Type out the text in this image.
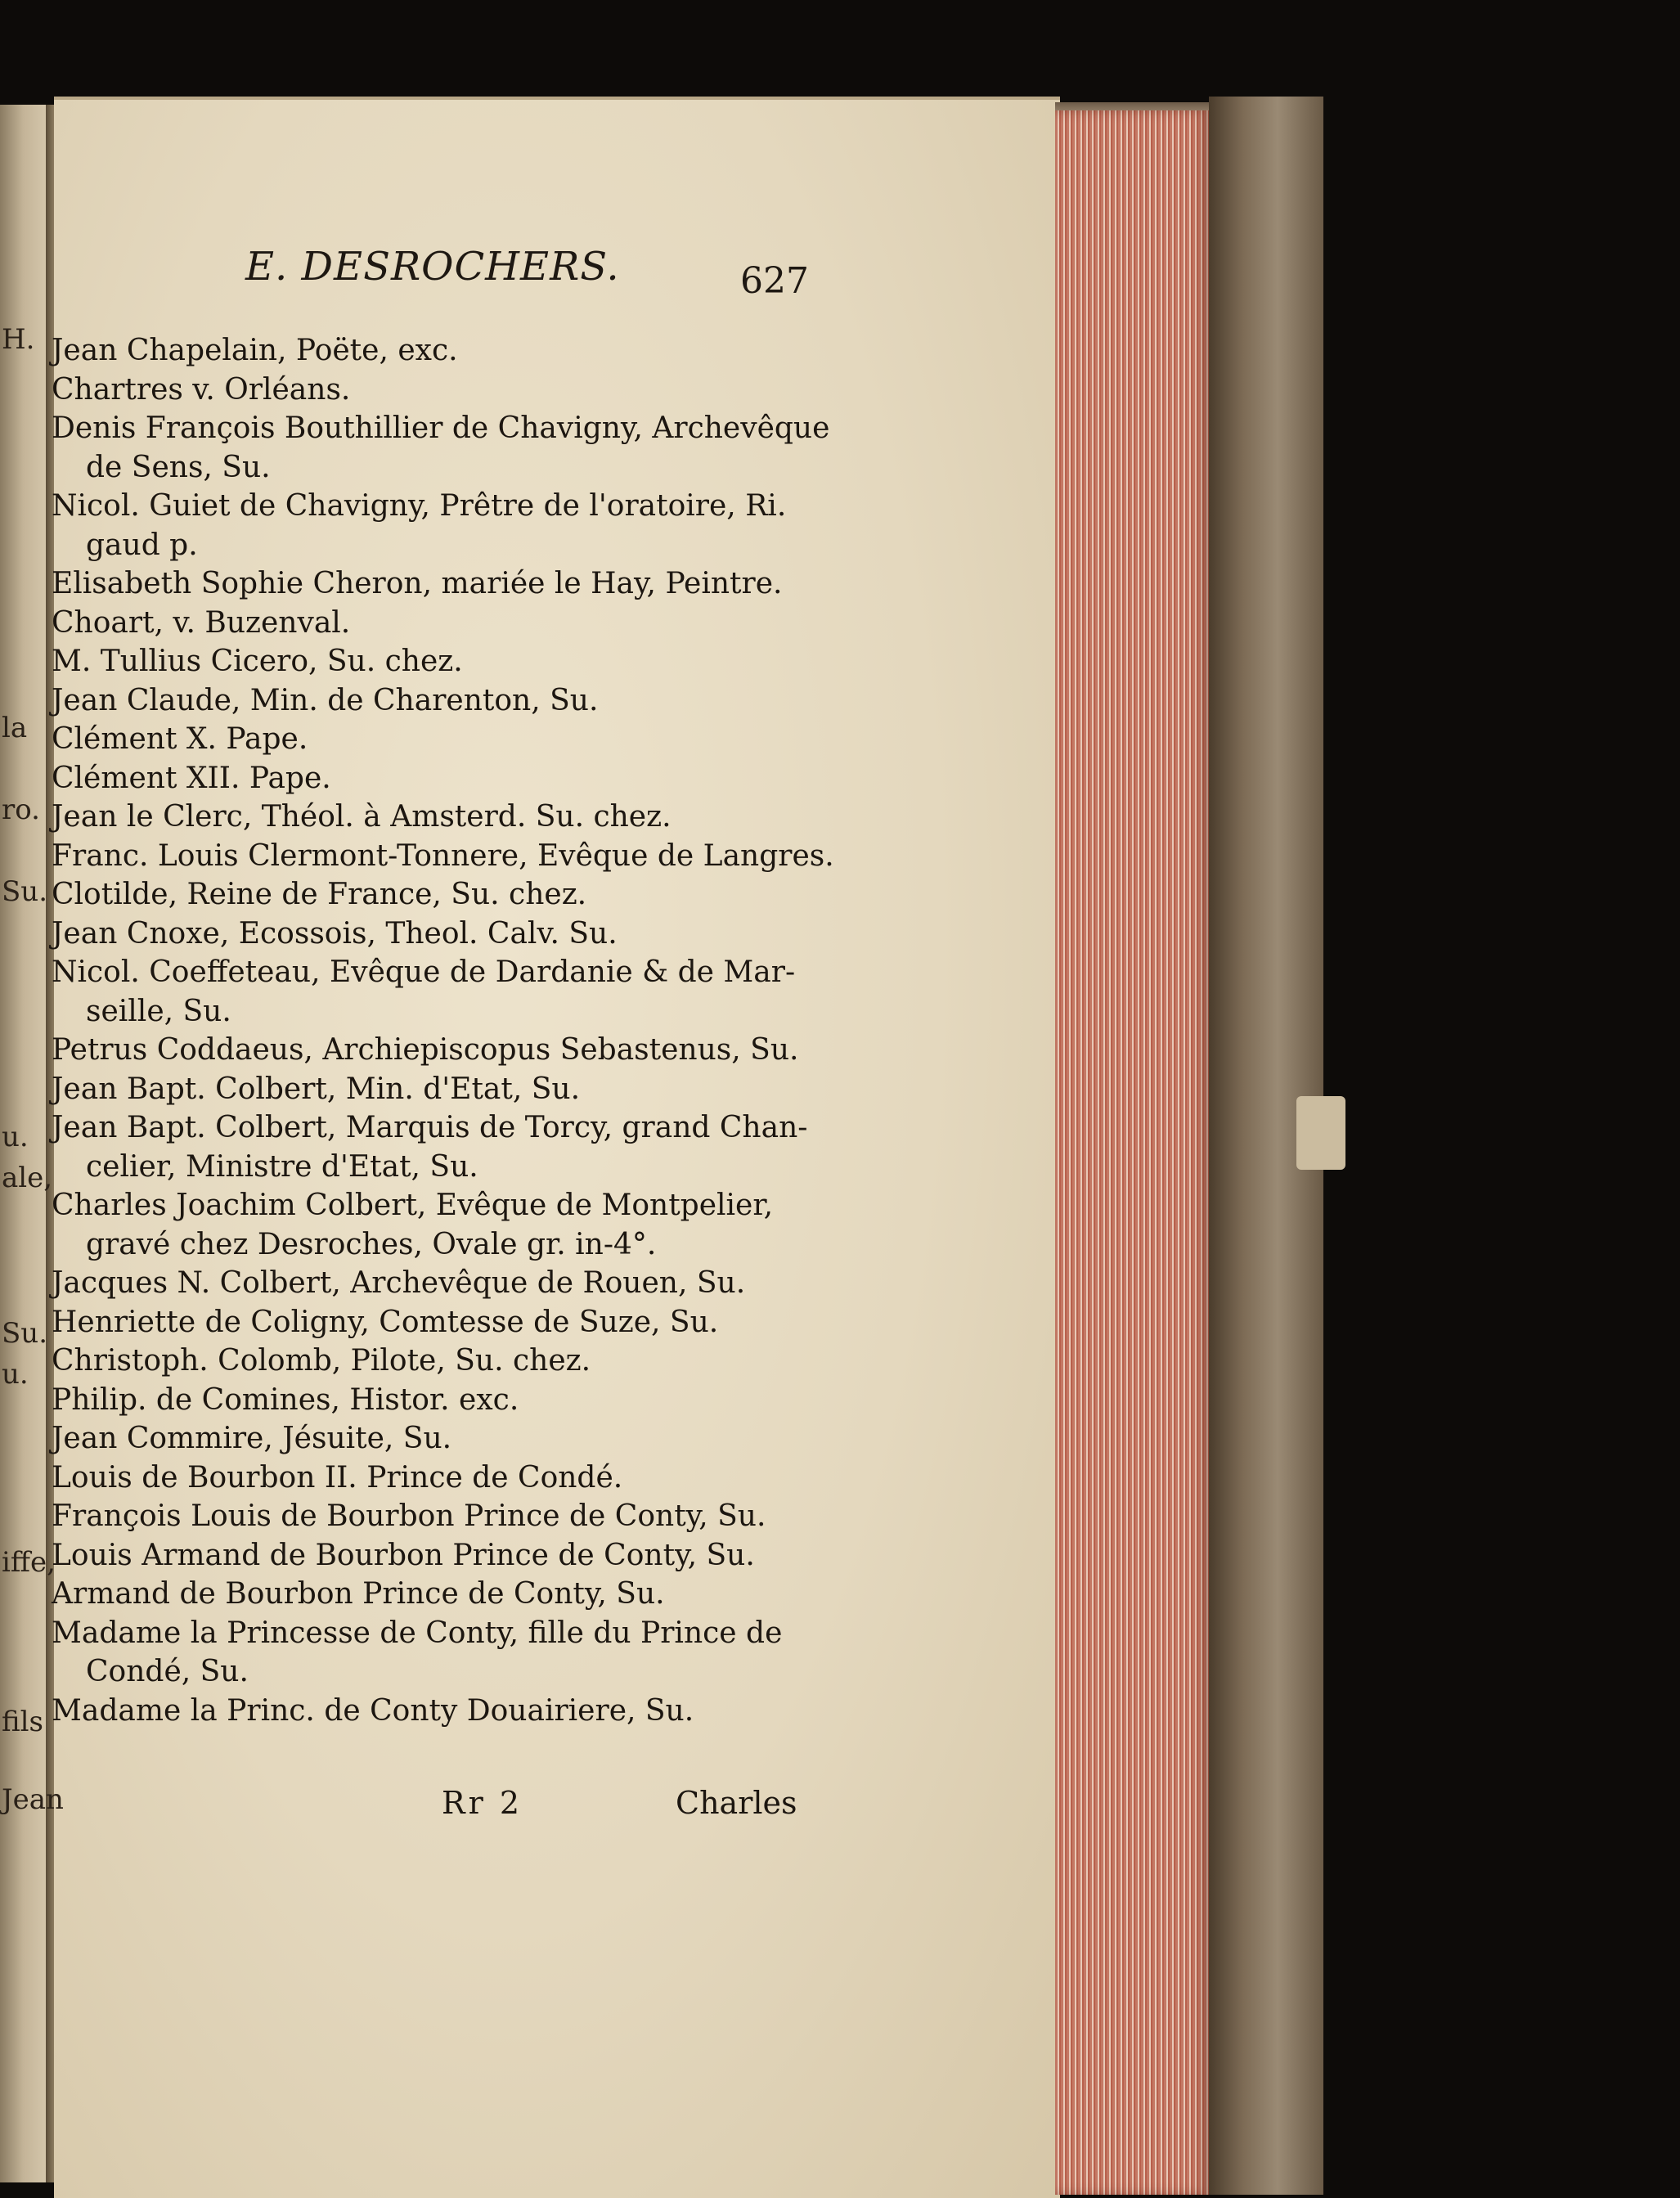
H.
la
ro.
Su.
u.
ale,
Su.
u.
iffe,
fils
Jean
E. DESROCHERS.	627
Jean Chapelain, Poëte, exc.
Chartres v. Orléans.
Denis François Bouthillier de Chavigny, Archevêque
de Sens, Su.
Nicol. Guiet de Chavigny, Prêtre de l'oratoire, Ri.
gaud p.
Elisabeth Sophie Cheron, mariée le Hay, Peintre.
Choart, v. Buzenval.
M. Tullius Cicero, Su. chez.
Jean Claude, Min. de Charenton, Su.
Clément X. Pape.
Clément XII. Pape.
Jean le Clerc, Théol. à Amsterd. Su. chez.
Franc. Louis Clermont-Tonnere, Evêque de Langres.
Clotilde, Reine de France, Su. chez.
Jean Cnoxe, Ecossois, Theol. Calv. Su.
Nicol. Coeffeteau, Evêque de Dardanie & de Mar-
seille, Su.
Petrus Coddaeus, Archiepiscopus Sebastenus, Su.
Jean Bapt. Colbert, Min. d'Etat, Su.
Jean Bapt. Colbert, Marquis de Torcy, grand Chan-
celier, Ministre d'Etat, Su.
Charles Joachim Colbert, Evêque de Montpelier,
gravé chez Desroches, Ovale gr. in-4°.
Jacques N. Colbert, Archevêque de Rouen, Su.
Henriette de Coligny, Comtesse de Suze, Su.
Christoph. Colomb, Pilote, Su. chez.
Philip. de Comines, Histor. exc.
Jean Commire, Jésuite, Su.
Louis de Bourbon II. Prince de Condé.
François Louis de Bourbon Prince de Conty, Su.
Louis Armand de Bourbon Prince de Conty, Su.
Armand de Bourbon Prince de Conty, Su.
Madame la Princesse de Conty, fille du Prince de
Condé, Su.
Madame la Princ. de Conty Douairiere, Su.
Rr 2	Charles
